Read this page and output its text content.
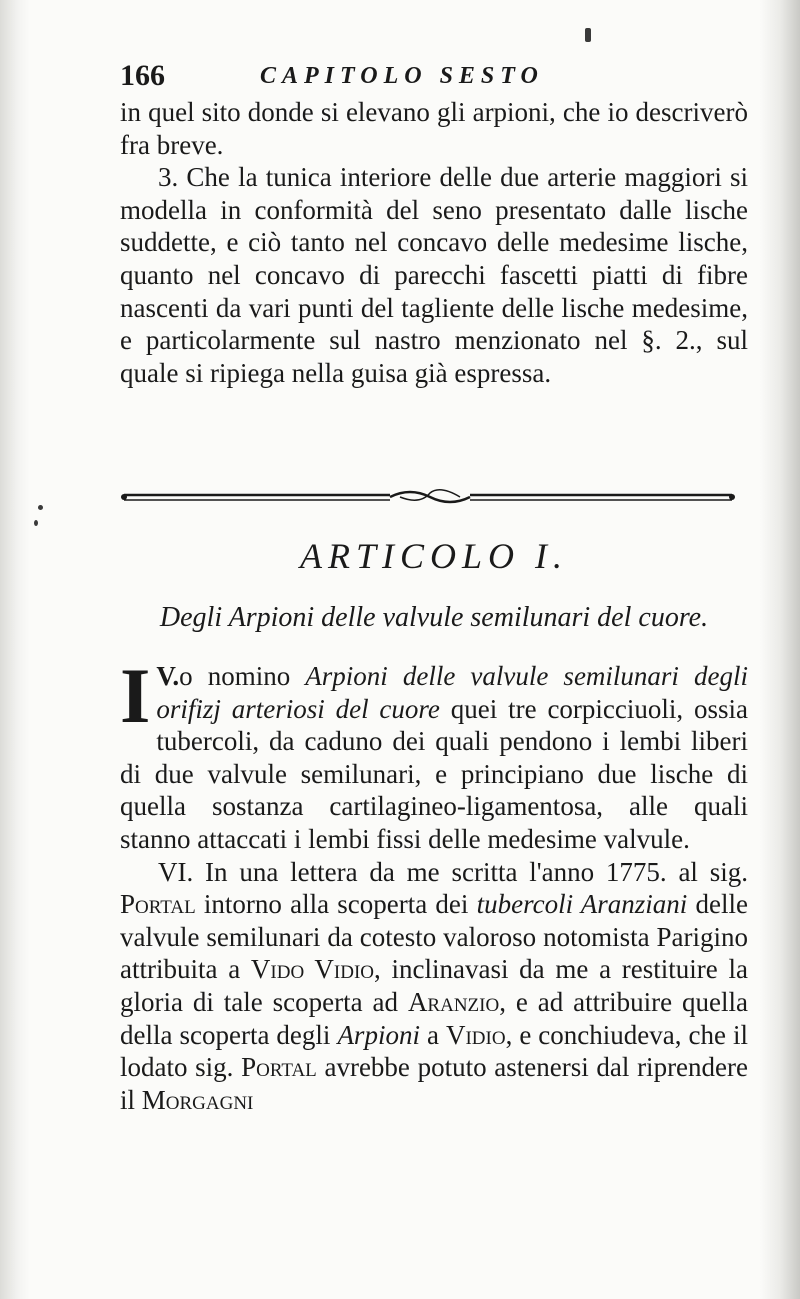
166	CAPITOLO SESTO

in quel sito donde si elevano gli arpioni, che io descriverò fra breve.

3. Che la tunica interiore delle due arterie maggiori si modella in conformità del seno presentato dalle lische suddette, e ciò tanto nel concavo delle medesime lische, quanto nel concavo di parecchi fascetti piatti di fibre nascenti da vari punti del tagliente delle lische medesime, e particolarmente sul nastro menzionato nel §. 2., sul quale si ripiega nella guisa già espressa.

ARTICOLO I.
Degli Arpioni delle valvule semilunari del cuore.

V.
I o nomino Arpioni delle valvule semilunari degli orifizj arteriosi del cuore quei tre corpicciuoli, ossia tubercoli, da caduno dei quali pendono i lembi liberi di due valvule semilunari, e principiano due lische di quella sostanza cartilagineo-ligamentosa, alle quali stanno attaccati i lembi fissi delle medesime valvule.

VI. In una lettera da me scritta l'anno 1775. al sig. Portal intorno alla scoperta dei tubercoli Aranziani delle valvule semilunari da cotesto valoroso notomista Parigino attribuita a Vido Vidio, inclinavasi da me a restituire la gloria di tale scoperta ad Aranzio, e ad attribuire quella della scoperta degli Arpioni a Vidio, e conchiudeva, che il lodato sig. Portal avrebbe potuto astenersi dal riprendere il Morgagni
